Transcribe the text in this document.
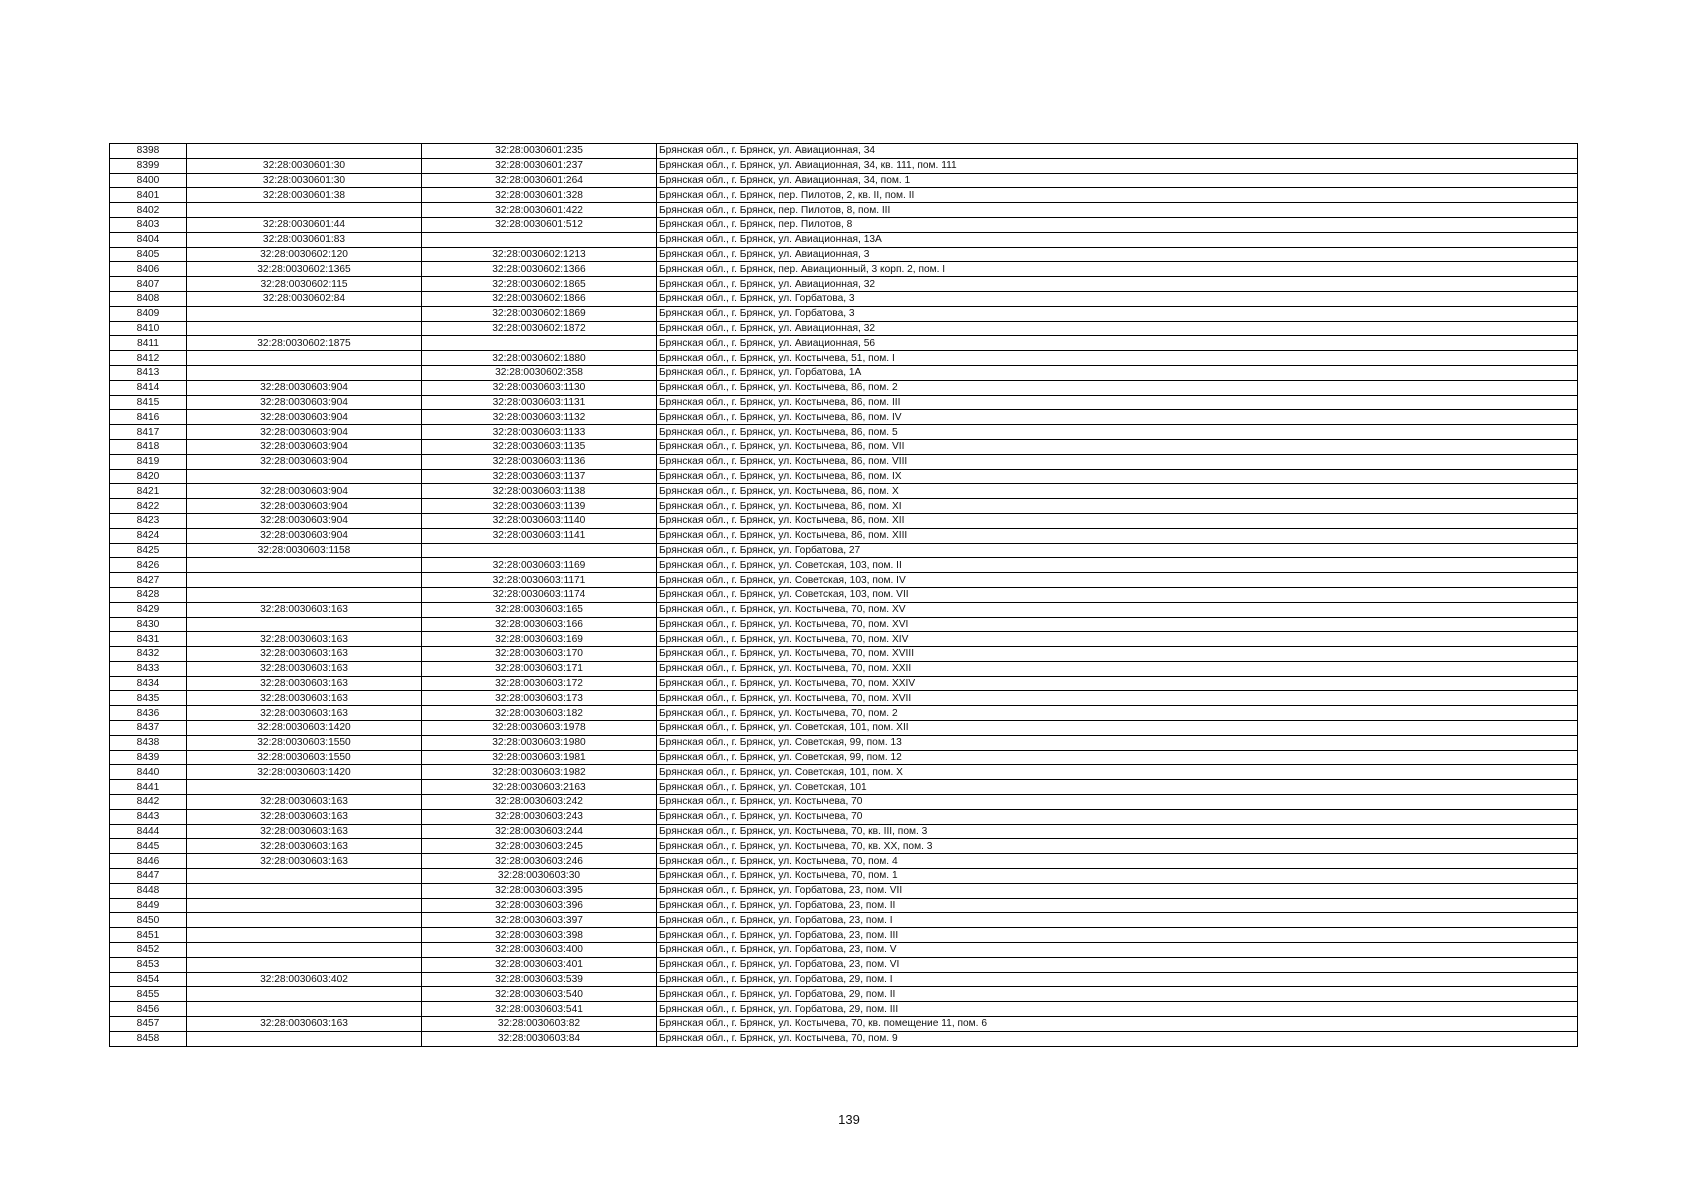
8398		32:28:0030601:235	Брянская обл., г. Брянск, ул. Авиационная, 34
8399	32:28:0030601:30	32:28:0030601:237	Брянская обл., г. Брянск, ул. Авиационная, 34, кв. 111, пом. 111
8400	32:28:0030601:30	32:28:0030601:264	Брянская обл., г. Брянск, ул. Авиационная, 34, пом. 1
8401	32:28:0030601:38	32:28:0030601:328	Брянская обл., г. Брянск, пер. Пилотов, 2, кв. II, пом. II
8402		32:28:0030601:422	Брянская обл., г. Брянск, пер. Пилотов, 8, пом. III
8403	32:28:0030601:44	32:28:0030601:512	Брянская обл., г. Брянск, пер. Пилотов, 8
8404	32:28:0030601:83		Брянская обл., г. Брянск, ул. Авиационная, 13А
8405	32:28:0030602:120	32:28:0030602:1213	Брянская обл., г. Брянск, ул. Авиационная, 3
8406	32:28:0030602:1365	32:28:0030602:1366	Брянская обл., г. Брянск, пер. Авиационный, 3 корп. 2, пом. I
8407	32:28:0030602:115	32:28:0030602:1865	Брянская обл., г. Брянск, ул. Авиационная, 32
8408	32:28:0030602:84	32:28:0030602:1866	Брянская обл., г. Брянск, ул. Горбатова, 3
8409		32:28:0030602:1869	Брянская обл., г. Брянск, ул. Горбатова, 3
8410		32:28:0030602:1872	Брянская обл., г. Брянск, ул. Авиационная, 32
8411	32:28:0030602:1875		Брянская обл., г. Брянск, ул. Авиационная, 56
8412		32:28:0030602:1880	Брянская обл., г. Брянск, ул. Костычева, 51, пом. I
8413		32:28:0030602:358	Брянская обл., г. Брянск, ул. Горбатова, 1А
8414	32:28:0030603:904	32:28:0030603:1130	Брянская обл., г. Брянск, ул. Костычева, 86, пом. 2
8415	32:28:0030603:904	32:28:0030603:1131	Брянская обл., г. Брянск, ул. Костычева, 86, пом. III
8416	32:28:0030603:904	32:28:0030603:1132	Брянская обл., г. Брянск, ул. Костычева, 86, пом. IV
8417	32:28:0030603:904	32:28:0030603:1133	Брянская обл., г. Брянск, ул. Костычева, 86, пом. 5
8418	32:28:0030603:904	32:28:0030603:1135	Брянская обл., г. Брянск, ул. Костычева, 86, пом. VII
8419	32:28:0030603:904	32:28:0030603:1136	Брянская обл., г. Брянск, ул. Костычева, 86, пом. VIII
8420		32:28:0030603:1137	Брянская обл., г. Брянск, ул. Костычева, 86, пом. IX
8421	32:28:0030603:904	32:28:0030603:1138	Брянская обл., г. Брянск, ул. Костычева, 86, пом. X
8422	32:28:0030603:904	32:28:0030603:1139	Брянская обл., г. Брянск, ул. Костычева, 86, пом. XI
8423	32:28:0030603:904	32:28:0030603:1140	Брянская обл., г. Брянск, ул. Костычева, 86, пом. XII
8424	32:28:0030603:904	32:28:0030603:1141	Брянская обл., г. Брянск, ул. Костычева, 86, пом. XIII
8425	32:28:0030603:1158		Брянская обл., г. Брянск, ул. Горбатова, 27
8426		32:28:0030603:1169	Брянская обл., г. Брянск, ул. Советская, 103, пом. II
8427		32:28:0030603:1171	Брянская обл., г. Брянск, ул. Советская, 103, пом. IV
8428		32:28:0030603:1174	Брянская обл., г. Брянск, ул. Советская, 103, пом. VII
8429	32:28:0030603:163	32:28:0030603:165	Брянская обл., г. Брянск, ул. Костычева, 70, пом. XV
8430		32:28:0030603:166	Брянская обл., г. Брянск, ул. Костычева, 70, пом. XVI
8431	32:28:0030603:163	32:28:0030603:169	Брянская обл., г. Брянск, ул. Костычева, 70, пом. XIV
8432	32:28:0030603:163	32:28:0030603:170	Брянская обл., г. Брянск, ул. Костычева, 70, пом. XVIII
8433	32:28:0030603:163	32:28:0030603:171	Брянская обл., г. Брянск, ул. Костычева, 70, пом. XXII
8434	32:28:0030603:163	32:28:0030603:172	Брянская обл., г. Брянск, ул. Костычева, 70, пом. XXIV
8435	32:28:0030603:163	32:28:0030603:173	Брянская обл., г. Брянск, ул. Костычева, 70, пом. XVII
8436	32:28:0030603:163	32:28:0030603:182	Брянская обл., г. Брянск, ул. Костычева, 70, пом. 2
8437	32:28:0030603:1420	32:28:0030603:1978	Брянская обл., г. Брянск, ул. Советская, 101, пом. XII
8438	32:28:0030603:1550	32:28:0030603:1980	Брянская обл., г. Брянск, ул. Советская, 99, пом. 13
8439	32:28:0030603:1550	32:28:0030603:1981	Брянская обл., г. Брянск, ул. Советская, 99, пом. 12
8440	32:28:0030603:1420	32:28:0030603:1982	Брянская обл., г. Брянск, ул. Советская, 101, пом. X
8441		32:28:0030603:2163	Брянская обл., г. Брянск, ул. Советская, 101
8442	32:28:0030603:163	32:28:0030603:242	Брянская обл., г. Брянск, ул. Костычева, 70
8443	32:28:0030603:163	32:28:0030603:243	Брянская обл., г. Брянск, ул. Костычева, 70
8444	32:28:0030603:163	32:28:0030603:244	Брянская обл., г. Брянск, ул. Костычева, 70, кв. III, пом. 3
8445	32:28:0030603:163	32:28:0030603:245	Брянская обл., г. Брянск, ул. Костычева, 70, кв. XX, пом. 3
8446	32:28:0030603:163	32:28:0030603:246	Брянская обл., г. Брянск, ул. Костычева, 70, пом. 4
8447		32:28:0030603:30	Брянская обл., г. Брянск, ул. Костычева, 70, пом. 1
8448		32:28:0030603:395	Брянская обл., г. Брянск, ул. Горбатова, 23, пом. VII
8449		32:28:0030603:396	Брянская обл., г. Брянск, ул. Горбатова, 23, пом. II
8450		32:28:0030603:397	Брянская обл., г. Брянск, ул. Горбатова, 23, пом. I
8451		32:28:0030603:398	Брянская обл., г. Брянск, ул. Горбатова, 23, пом. III
8452		32:28:0030603:400	Брянская обл., г. Брянск, ул. Горбатова, 23, пом. V
8453		32:28:0030603:401	Брянская обл., г. Брянск, ул. Горбатова, 23, пом. VI
8454	32:28:0030603:402	32:28:0030603:539	Брянская обл., г. Брянск, ул. Горбатова, 29, пом. I
8455		32:28:0030603:540	Брянская обл., г. Брянск, ул. Горбатова, 29, пом. II
8456		32:28:0030603:541	Брянская обл., г. Брянск, ул. Горбатова, 29, пом. III
8457	32:28:0030603:163	32:28:0030603:82	Брянская обл., г. Брянск, ул. Костычева, 70, кв. помещение 11, пом. 6
8458		32:28:0030603:84	Брянская обл., г. Брянск, ул. Костычева, 70, пом. 9
139
